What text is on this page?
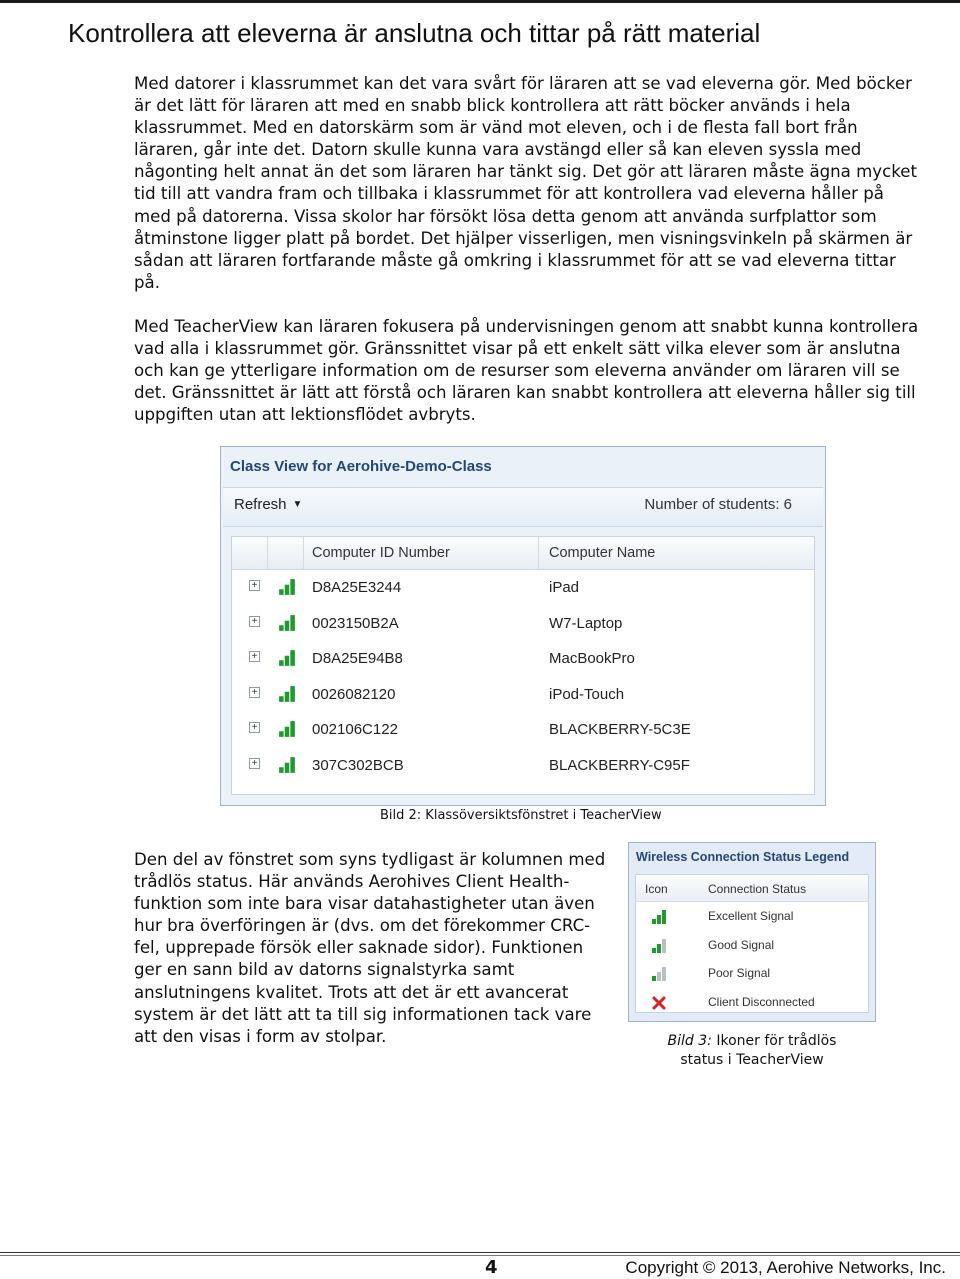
Kontrollera att eleverna är anslutna och tittar på rätt material

Med datorer i klassrummet kan det vara svårt för läraren att se vad eleverna gör. Med böcker är det lätt för läraren att med en snabb blick kontrollera att rätt böcker används i hela klassrummet. Med en datorskärm som är vänd mot eleven, och i de flesta fall bort från läraren, går inte det. Datorn skulle kunna vara avstängd eller så kan eleven syssla med någonting helt annat än det som läraren har tänkt sig. Det gör att läraren måste ägna mycket tid till att vandra fram och tillbaka i klassrummet för att kontrollera vad eleverna håller på med på datorerna. Vissa skolor har försökt lösa detta genom att använda surfplattor som åtminstone ligger platt på bordet. Det hjälper visserligen, men visningsvinkeln på skärmen är sådan att läraren fortfarande måste gå omkring i klassrummet för att se vad eleverna tittar på.

Med TeacherView kan läraren fokusera på undervisningen genom att snabbt kunna kontrollera vad alla i klassrummet gör. Gränssnittet visar på ett enkelt sätt vilka elever som är anslutna och kan ge ytterligare information om de resurser som eleverna använder om läraren vill se det. Gränssnittet är lätt att förstå och läraren kan snabbt kontrollera att eleverna håller sig till uppgiften utan att lektionsflödet avbryts.

Class View for Aerohive-Demo-Class
Refresh ▼	Number of students: 6
Computer ID Number	Computer Name
+	D8A25E3244	iPad
+	0023150B2A	W7-Laptop
+	D8A25E94B8	MacBookPro
+	0026082120	iPod-Touch
+	002106C122	BLACKBERRY-5C3E
+	307C302BCB	BLACKBERRY-C95F
Bild 2: Klassöversiktsfönstret i TeacherView

Den del av fönstret som syns tydligast är kolumnen med trådlös status. Här används Aerohives Client Health-funktion som inte bara visar datahastigheter utan även hur bra överföringen är (dvs. om det förekommer CRC-fel, upprepade försök eller saknade sidor). Funktionen ger en sann bild av datorns signalstyrka samt anslutningens kvalitet. Trots att det är ett avancerat system är det lätt att ta till sig informationen tack vare att den visas i form av stolpar.

Wireless Connection Status Legend
Icon	Connection Status
Excellent Signal
Good Signal
Poor Signal
Client Disconnected
Bild 3: Ikoner för trådlös status i TeacherView
4	Copyright © 2013, Aerohive Networks, Inc.
